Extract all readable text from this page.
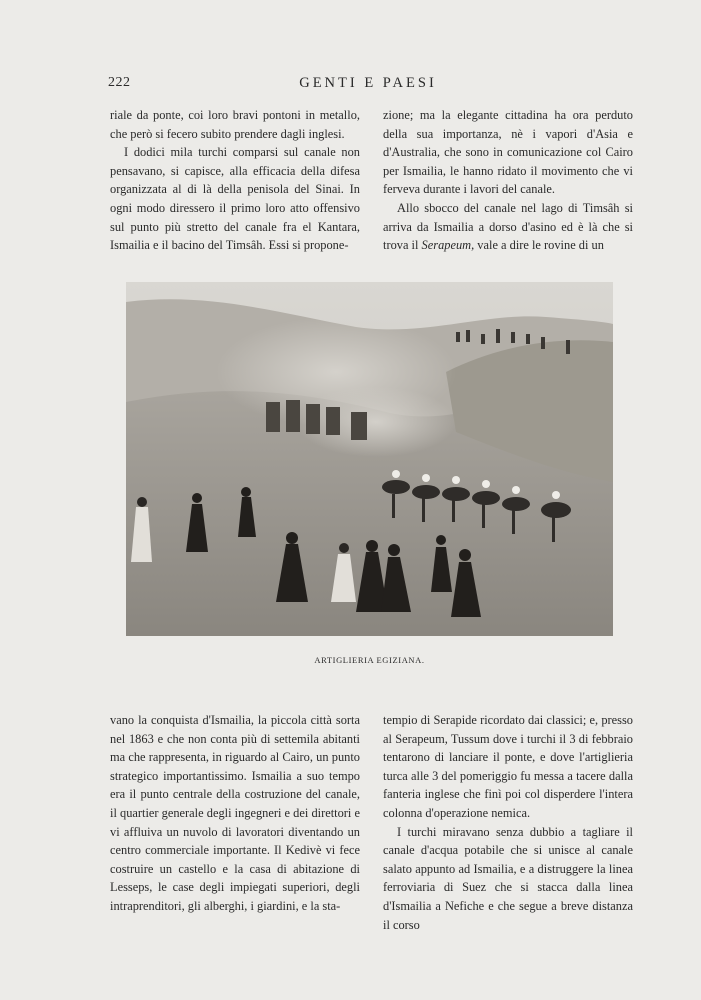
222	GENTI E PAESI

riale da ponte, coi loro bravi pontoni in metallo, che però si fecero subito prendere dagli inglesi.

I dodici mila turchi comparsi sul canale non pensavano, si capisce, alla efficacia della difesa organizzata al di là della penisola del Sinai. In ogni modo diressero il primo loro atto offensivo sul punto più stretto del canale fra el Kantara, Ismailia e il bacino del Timsâh. Essi si propone-

zione; ma la elegante cittadina ha ora perduto della sua importanza, nè i vapori d'Asia e d'Australia, che sono in comunicazione col Cairo per Ismailia, le hanno ridato il movimento che vi ferveva durante i lavori del canale.

Allo sbocco del canale nel lago di Timsâh si arriva da Ismailia a dorso d'asino ed è là che si trova il Serapeum, vale a dire le rovine di un

ARTIGLIERIA EGIZIANA.

vano la conquista d'Ismailia, la piccola città sorta nel 1863 e che non conta più di settemila abitanti ma che rappresenta, in riguardo al Cairo, un punto strategico importantissimo. Ismailia a suo tempo era il punto centrale della costruzione del canale, il quartier generale degli ingegneri e dei direttori e vi affluiva un nuvolo di lavoratori diventando un centro commerciale importante. Il Kedivè vi fece costruire un castello e la casa di abitazione di Lesseps, le case degli impiegati superiori, degli intraprenditori, gli alberghi, i giardini, e la sta-

tempio di Serapide ricordato dai classici; e, presso al Serapeum, Tussum dove i turchi il 3 di febbraio tentarono di lanciare il ponte, e dove l'artiglieria turca alle 3 del pomeriggio fu messa a tacere dalla fanteria inglese che finì poi col disperdere l'intera colonna d'operazione nemica.

I turchi miravano senza dubbio a tagliare il canale d'acqua potabile che si unisce al canale salato appunto ad Ismailia, e a distruggere la linea ferroviaria di Suez che si stacca dalla linea d'Ismailia a Nefiche e che segue a breve distanza il corso
